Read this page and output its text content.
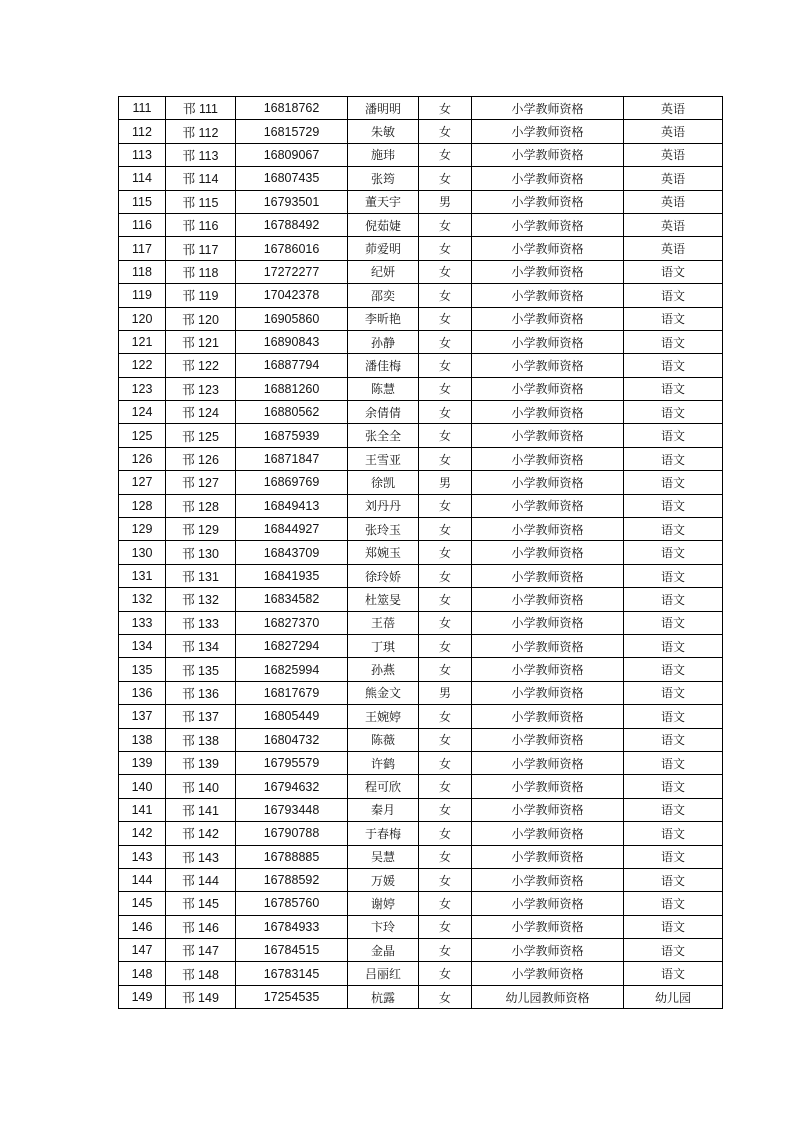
111	邗 111	16818762	潘明明	女	小学教师资格	英语
112	邗 112	16815729	朱敏	女	小学教师资格	英语
113	邗 113	16809067	施玮	女	小学教师资格	英语
114	邗 114	16807435	张筠	女	小学教师资格	英语
115	邗 115	16793501	董天宇	男	小学教师资格	英语
116	邗 116	16788492	倪茹婕	女	小学教师资格	英语
117	邗 117	16786016	茆爱明	女	小学教师资格	英语
118	邗 118	17272277	纪妍	女	小学教师资格	语文
119	邗 119	17042378	邵奕	女	小学教师资格	语文
120	邗 120	16905860	李昕艳	女	小学教师资格	语文
121	邗 121	16890843	孙静	女	小学教师资格	语文
122	邗 122	16887794	潘佳梅	女	小学教师资格	语文
123	邗 123	16881260	陈慧	女	小学教师资格	语文
124	邗 124	16880562	余倩倩	女	小学教师资格	语文
125	邗 125	16875939	张全全	女	小学教师资格	语文
126	邗 126	16871847	王雪亚	女	小学教师资格	语文
127	邗 127	16869769	徐凯	男	小学教师资格	语文
128	邗 128	16849413	刘丹丹	女	小学教师资格	语文
129	邗 129	16844927	张玲玉	女	小学教师资格	语文
130	邗 130	16843709	郑婉玉	女	小学教师资格	语文
131	邗 131	16841935	徐玲娇	女	小学教师资格	语文
132	邗 132	16834582	杜筮旻	女	小学教师资格	语文
133	邗 133	16827370	王蓓	女	小学教师资格	语文
134	邗 134	16827294	丁琪	女	小学教师资格	语文
135	邗 135	16825994	孙燕	女	小学教师资格	语文
136	邗 136	16817679	熊金文	男	小学教师资格	语文
137	邗 137	16805449	王婉婷	女	小学教师资格	语文
138	邗 138	16804732	陈薇	女	小学教师资格	语文
139	邗 139	16795579	许鹤	女	小学教师资格	语文
140	邗 140	16794632	程可欣	女	小学教师资格	语文
141	邗 141	16793448	秦月	女	小学教师资格	语文
142	邗 142	16790788	于春梅	女	小学教师资格	语文
143	邗 143	16788885	吴慧	女	小学教师资格	语文
144	邗 144	16788592	万媛	女	小学教师资格	语文
145	邗 145	16785760	谢婷	女	小学教师资格	语文
146	邗 146	16784933	卞玲	女	小学教师资格	语文
147	邗 147	16784515	金晶	女	小学教师资格	语文
148	邗 148	16783145	吕丽红	女	小学教师资格	语文
149	邗 149	17254535	杭露	女	幼儿园教师资格	幼儿园
